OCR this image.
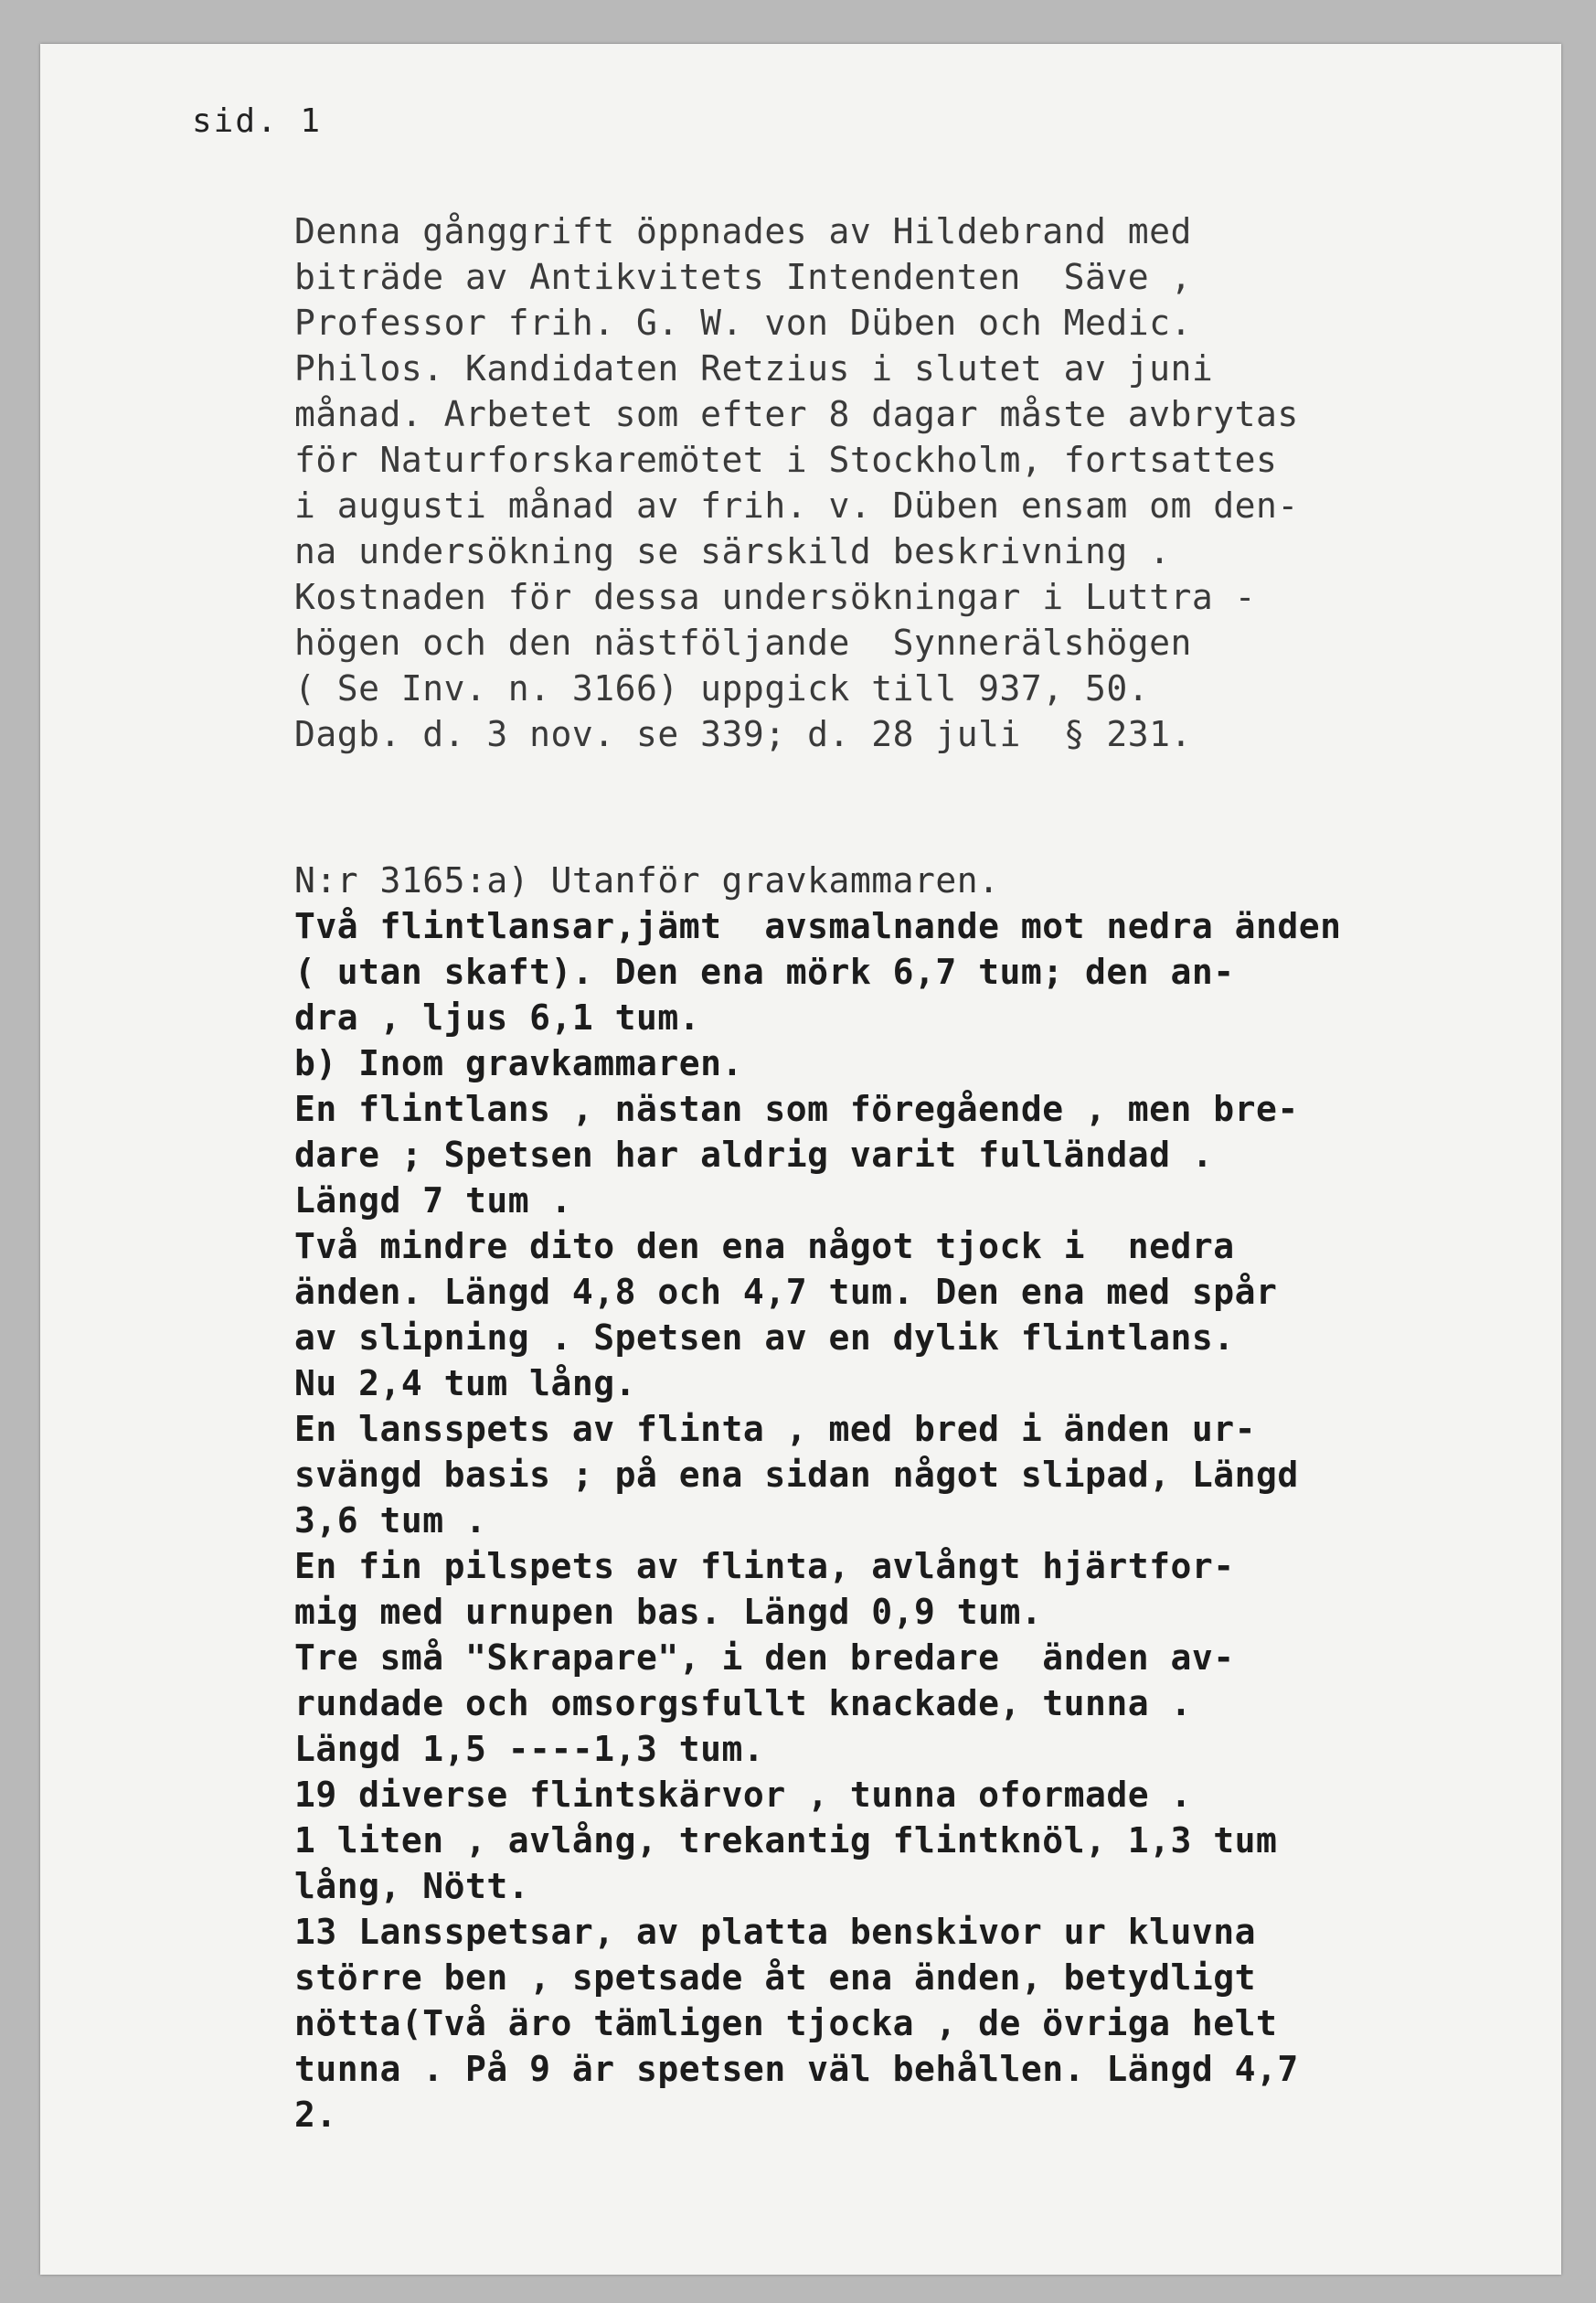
sid. 1
Denna gånggrift öppnades av Hildebrand med
biträde av Antikvitets Intendenten  Säve ,
Professor frih. G. W. von Düben och Medic.
Philos. Kandidaten Retzius i slutet av juni
månad. Arbetet som efter 8 dagar måste avbrytas
för Naturforskaremötet i Stockholm, fortsattes
i augusti månad av frih. v. Düben ensam om den-
na undersökning se särskild beskrivning .
Kostnaden för dessa undersökningar i Luttra -
högen och den nästföljande  Synnerälshögen
( Se Inv. n. 3166) uppgick till 937, 50.
Dagb. d. 3 nov. se 339; d. 28 juli  § 231.
N:r 3165:a) Utanför gravkammaren.
Två flintlansar,jämt  avsmalnande mot nedra änden
( utan skaft). Den ena mörk 6,7 tum; den an-
dra , ljus 6,1 tum.
b) Inom gravkammaren.
En flintlans , nästan som föregående , men bre-
dare ; Spetsen har aldrig varit fulländad .
Längd 7 tum .
Två mindre dito den ena något tjock i  nedra
änden. Längd 4,8 och 4,7 tum. Den ena med spår
av slipning . Spetsen av en dylik flintlans.
Nu 2,4 tum lång.
En lansspets av flinta , med bred i änden ur-
svängd basis ; på ena sidan något slipad, Längd
3,6 tum .
En fin pilspets av flinta, avlångt hjärtfor-
mig med urnupen bas. Längd 0,9 tum.
Tre små "Skrapare", i den bredare  änden av-
rundade och omsorgsfullt knackade, tunna .
Längd 1,5 ----1,3 tum.
19 diverse flintskärvor , tunna oformade .
1 liten , avlång, trekantig flintknöl, 1,3 tum
lång, Nött.
13 Lansspetsar, av platta benskivor ur kluvna
större ben , spetsade åt ena änden, betydligt
nötta(Två äro tämligen tjocka , de övriga helt
tunna . På 9 är spetsen väl behållen. Längd 4,7
2.
